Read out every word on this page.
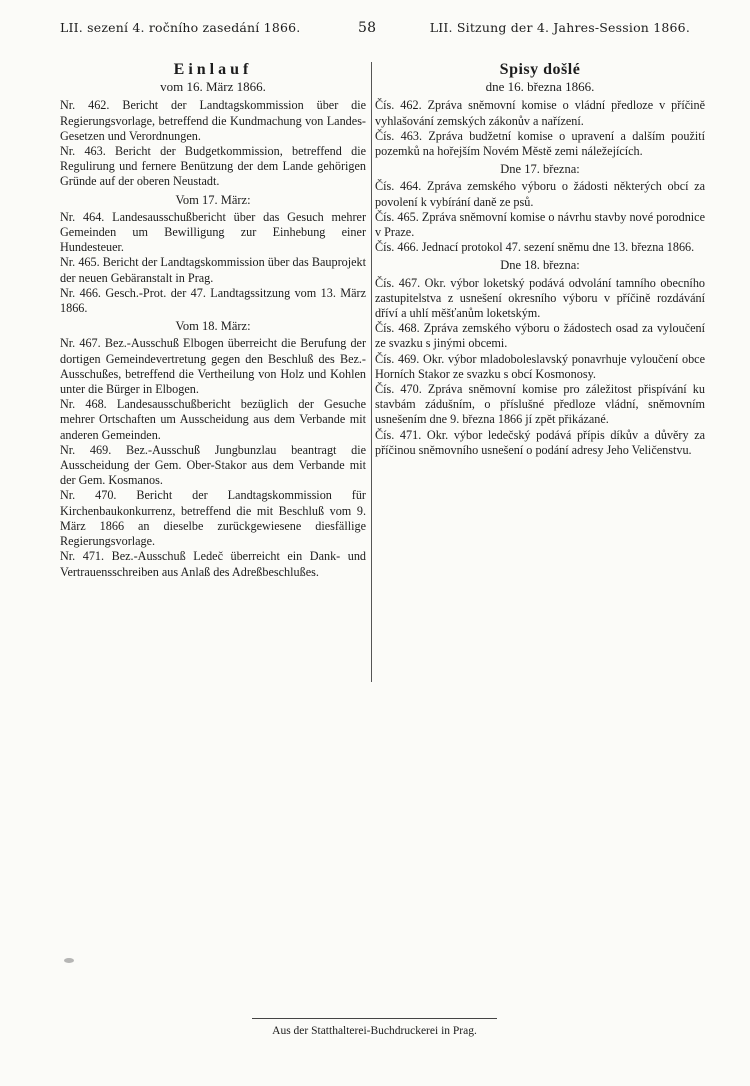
LII. sezení 4. ročního zasedání 1866.	58	LII. Sitzung der 4. Jahres-Session 1866.
Einlauf
vom 16. März 1866.

Nr. 462. Bericht der Landtagskommission über die Regierungsvorlage, betreffend die Kundmachung von Landes-Gesetzen und Verordnungen.

Nr. 463. Bericht der Budgetkommission, betreffend die Regulirung und fernere Benützung der dem Lande gehörigen Gründe auf der oberen Neustadt.

Vom 17. März:

Nr. 464. Landesausschußbericht über das Gesuch mehrer Gemeinden um Bewilligung zur Einhebung einer Hundesteuer.

Nr. 465. Bericht der Landtagskommission über das Bauprojekt der neuen Gebäranstalt in Prag.

Nr. 466. Gesch.-Prot. der 47. Landtagssitzung vom 13. März 1866.

Vom 18. März:

Nr. 467. Bez.-Ausschuß Elbogen überreicht die Berufung der dortigen Gemeindevertretung gegen den Beschluß des Bez.-Ausschußes, betreffend die Vertheilung von Holz und Kohlen unter die Bürger in Elbogen.

Nr. 468. Landesausschußbericht bezüglich der Gesuche mehrer Ortschaften um Ausscheidung aus dem Verbande mit anderen Gemeinden.

Nr. 469. Bez.-Ausschuß Jungbunzlau beantragt die Ausscheidung der Gem. Ober-Stakor aus dem Verbande mit der Gem. Kosmanos.

Nr. 470. Bericht der Landtagskommission für Kirchenbaukonkurrenz, betreffend die mit Beschluß vom 9. März 1866 an dieselbe zurückgewiesene diesfällige Regierungsvorlage.

Nr. 471. Bez.-Ausschuß Ledeč überreicht ein Dank- und Vertrauensschreiben aus Anlaß des Adreßbeschlußes.

Spisy došlé
dne 16. března 1866.

Čís. 462. Zpráva sněmovní komise o vládní předloze v příčině vyhlašování zemských zákonův a nařízení.

Čís. 463. Zpráva budžetní komise o upravení a dalším použití pozemků na hořejším Novém Městě zemi náležejících.

Dne 17. března:

Čís. 464. Zpráva zemského výboru o žádosti některých obcí za povolení k vybírání daně ze psů.

Čís. 465. Zpráva sněmovní komise o návrhu stavby nové porodnice v Praze.

Čís. 466. Jednací protokol 47. sezení sněmu dne 13. března 1866.

Dne 18. března:

Čís. 467. Okr. výbor loketský podává odvolání tamního obecního zastupitelstva z usnešení okresního výboru v příčině rozdávání dříví a uhlí měšťanům loketským.

Čís. 468. Zpráva zemského výboru o žádostech osad za vyloučení ze svazku s jinými obcemi.

Čís. 469. Okr. výbor mladoboleslavský ponavrhuje vyloučení obce Horních Stakor ze svazku s obcí Kosmonosy.

Čís. 470. Zpráva sněmovní komise pro záležitost přispívání ku stavbám zádušním, o příslušné předloze vládní, sněmovním usnešením dne 9. března 1866 jí zpět přikázané.

Čís. 471. Okr. výbor ledečský podává přípis díkův a důvěry za příčinou sněmovního usnešení o podání adresy Jeho Veličenstvu.

Aus der Statthalterei-Buchdruckerei in Prag.
